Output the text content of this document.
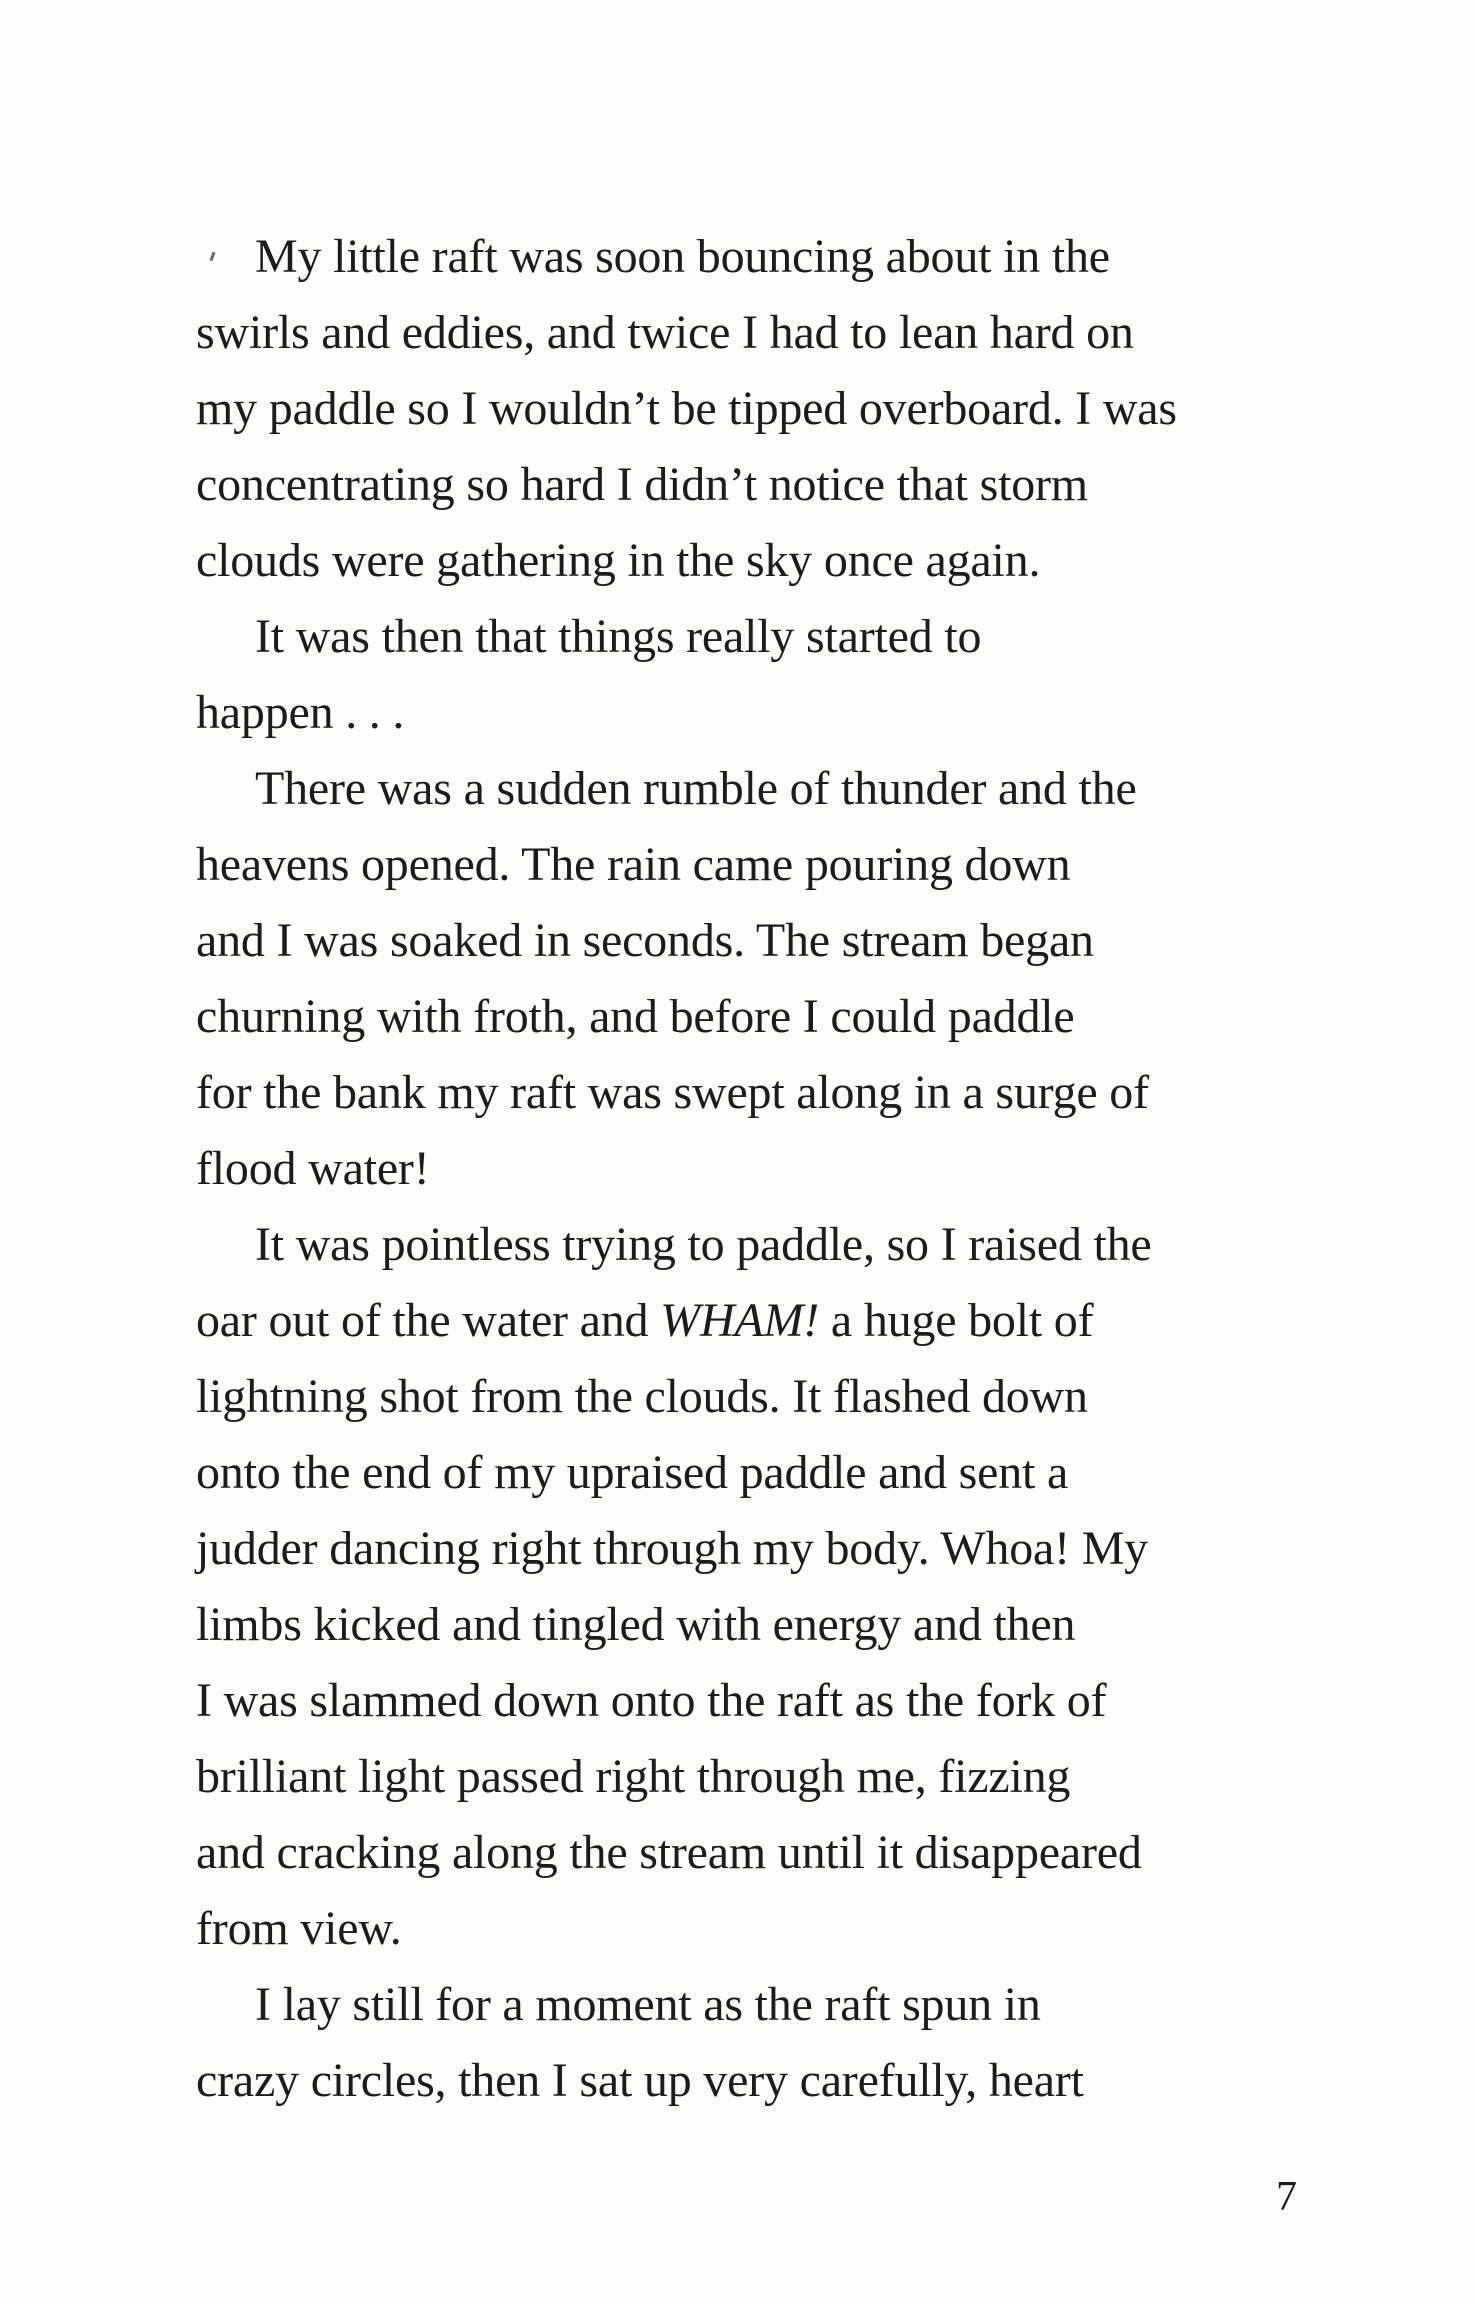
My little raft was soon bouncing about in the
swirls and eddies, and twice I had to lean hard on
my paddle so I wouldn’t be tipped overboard. I was
concentrating so hard I didn’t notice that storm
clouds were gathering in the sky once again.
It was then that things really started to
happen . . .
There was a sudden rumble of thunder and the
heavens opened. The rain came pouring down
and I was soaked in seconds. The stream began
churning with froth, and before I could paddle
for the bank my raft was swept along in a surge of
flood water!
It was pointless trying to paddle, so I raised the
oar out of the water and WHAM! a huge bolt of
lightning shot from the clouds. It flashed down
onto the end of my upraised paddle and sent a
judder dancing right through my body. Whoa! My
limbs kicked and tingled with energy and then
I was slammed down onto the raft as the fork of
brilliant light passed right through me, fizzing
and cracking along the stream until it disappeared
from view.
I lay still for a moment as the raft spun in
crazy circles, then I sat up very carefully, heart
7
